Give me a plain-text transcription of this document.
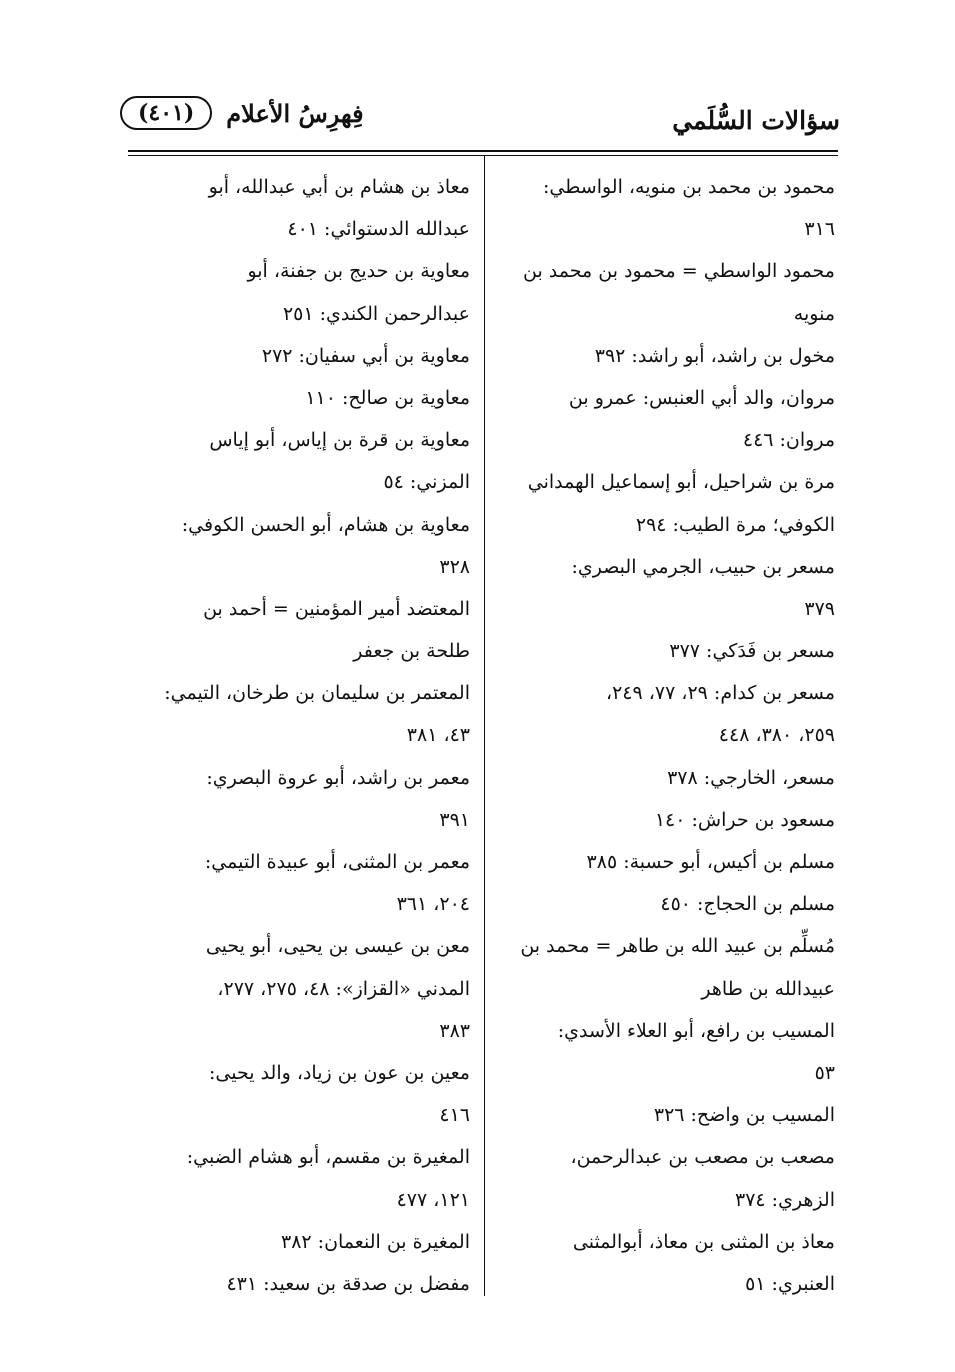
سؤالات السُّلَمي
فِهرِسُ الأعلام
(٤٠١)
محمود بن محمد بن منويه، الواسطي:
٣١٦
محمود الواسطي = محمود بن محمد بن
منويه
مخول بن راشد، أبو راشد: ٣٩٢
مروان، والد أبي العنبس: عمرو بن
مروان: ٤٤٦
مرة بن شراحيل، أبو إسماعيل الهمداني
الكوفي؛ مرة الطيب: ٢٩٤
مسعر بن حبيب، الجرمي البصري:
٣٧٩
مسعر بن فَدَكي: ٣٧٧
مسعر بن كدام: ٢٩، ٧٧، ٢٤٩،
٢٥٩، ٣٨٠، ٤٤٨
مسعر، الخارجي: ٣٧٨
مسعود بن حراش: ١٤٠
مسلم بن أكيس، أبو حسبة: ٣٨٥
مسلم بن الحجاج: ٤٥٠
مُسلِّم بن عبيد الله بن طاهر = محمد بن
عبيدالله بن طاهر
المسيب بن رافع، أبو العلاء الأسدي:
٥٣
المسيب بن واضح: ٣٢٦
مصعب بن مصعب بن عبدالرحمن،
الزهري: ٣٧٤
معاذ بن المثنى بن معاذ، أبوالمثنى
العنبري: ٥١
معاذ بن هشام بن أبي عبدالله، أبو
عبدالله الدستوائي: ٤٠١
معاوية بن حديج بن جفنة، أبو
عبدالرحمن الكندي: ٢٥١
معاوية بن أبي سفيان: ٢٧٢
معاوية بن صالح: ١١٠
معاوية بن قرة بن إياس، أبو إياس
المزني: ٥٤
معاوية بن هشام، أبو الحسن الكوفي:
٣٢٨
المعتضد أمير المؤمنين = أحمد بن
طلحة بن جعفر
المعتمر بن سليمان بن طرخان، التيمي:
٤٣، ٣٨١
معمر بن راشد، أبو عروة البصري:
٣٩١
معمر بن المثنى، أبو عبيدة التيمي:
٢٠٤، ٣٦١
معن بن عيسى بن يحيى، أبو يحيى
المدني «القزاز»: ٤٨، ٢٧٥، ٢٧٧،
٣٨٣
معين بن عون بن زياد، والد يحيى:
٤١٦
المغيرة بن مقسم، أبو هشام الضبي:
١٢١، ٤٧٧
المغيرة بن النعمان: ٣٨٢
مفضل بن صدقة بن سعيد: ٤٣١
